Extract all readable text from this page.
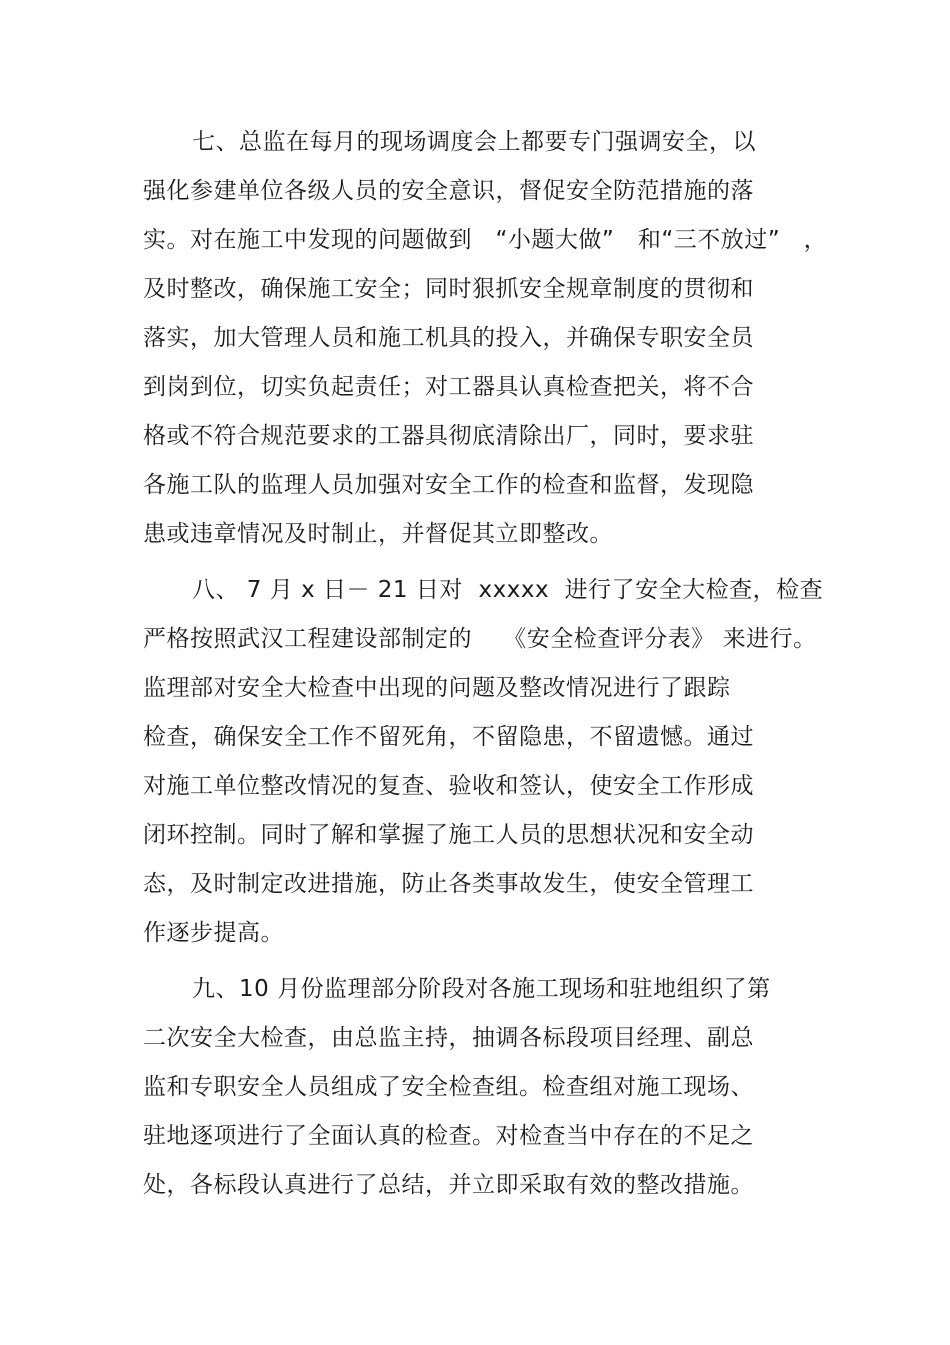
七、总监在每月的现场调度会上都要专门强调安全，以

强化参建单位各级人员的安全意识，督促安全防范措施的落

实。对在施工中发现的问题做到　“小题大做”　和“三不放过”　，

及时整改，确保施工安全；同时狠抓安全规章制度的贯彻和

落实，加大管理人员和施工机具的投入，并确保专职安全员

到岗到位，切实负起责任；对工器具认真检查把关，将不合

格或不符合规范要求的工器具彻底清除出厂，同时，要求驻

各施工队的监理人员加强对安全工作的检查和监督，发现隐

患或违章情况及时制止，并督促其立即整改。

八、 7 月 x 日－ 21 日对  xxxxx  进行了安全大检查，检查

严格按照武汉工程建设部制定的　 《安全检查评分表》 来进行。

监理部对安全大检查中出现的问题及整改情况进行了跟踪

检查，确保安全工作不留死角，不留隐患，不留遗憾。通过

对施工单位整改情况的复查、验收和签认，使安全工作形成

闭环控制。同时了解和掌握了施工人员的思想状况和安全动

态，及时制定改进措施，防止各类事故发生，使安全管理工

作逐步提高。

九、10 月份监理部分阶段对各施工现场和驻地组织了第

二次安全大检查，由总监主持，抽调各标段项目经理、副总

监和专职安全人员组成了安全检查组。检查组对施工现场、

驻地逐项进行了全面认真的检查。对检查当中存在的不足之

处，各标段认真进行了总结，并立即采取有效的整改措施。
